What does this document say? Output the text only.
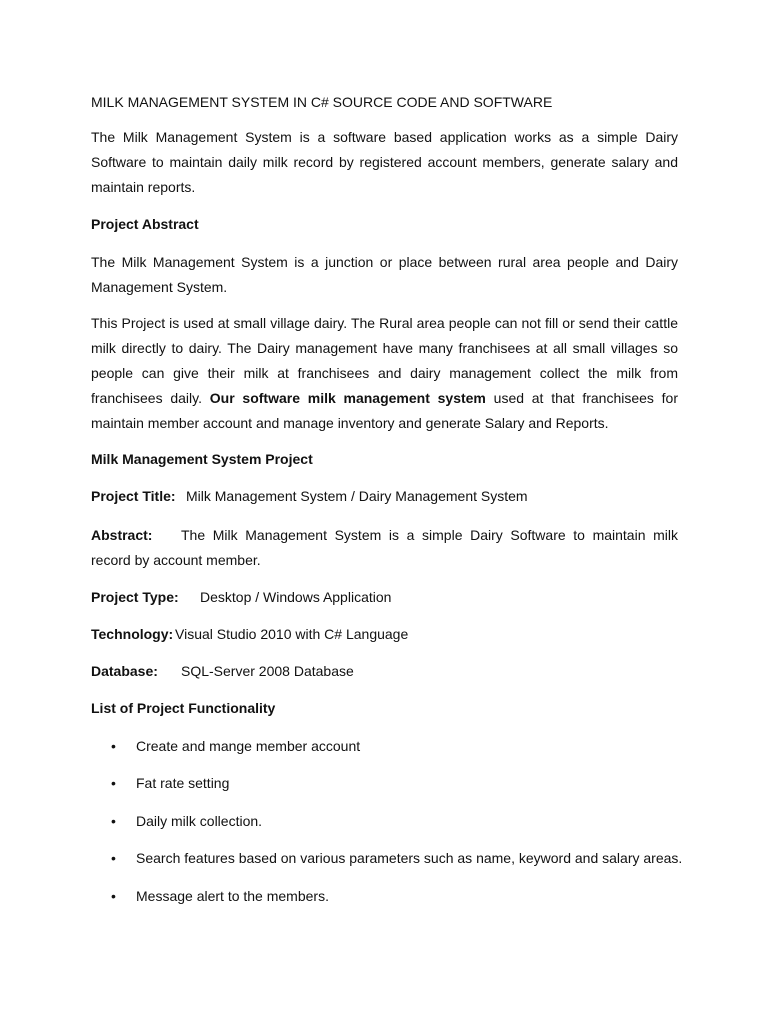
MILK MANAGEMENT SYSTEM IN C# SOURCE CODE AND SOFTWARE

The Milk Management System is a software based application works as a simple Dairy Software to maintain daily milk record by registered account members, generate salary and maintain reports.

Project Abstract

The Milk Management System is a junction or place between rural area people and Dairy Management System.

This Project is used at small village dairy. The Rural area people can not fill or send their cattle milk directly to dairy. The Dairy management have many franchisees at all small villages so people can give their milk at franchisees and dairy management collect the milk from franchisees daily. Our software milk management system used at that franchisees for maintain member account and manage inventory and generate Salary and Reports.

Milk Management System Project
Project Title: Milk Management System / Dairy Management System

Abstract: The Milk Management System is a simple Dairy Software to maintain milk record by account member.

Project Type: Desktop / Windows Application
Technology: Visual Studio 2010 with C# Language
Database: SQL-Server 2008 Database
List of Project Functionality
•	Create and mange member account
•	Fat rate setting
•	Daily milk collection.
•	Search features based on various parameters such as name, keyword and salary areas.
•	Message alert to the members.
